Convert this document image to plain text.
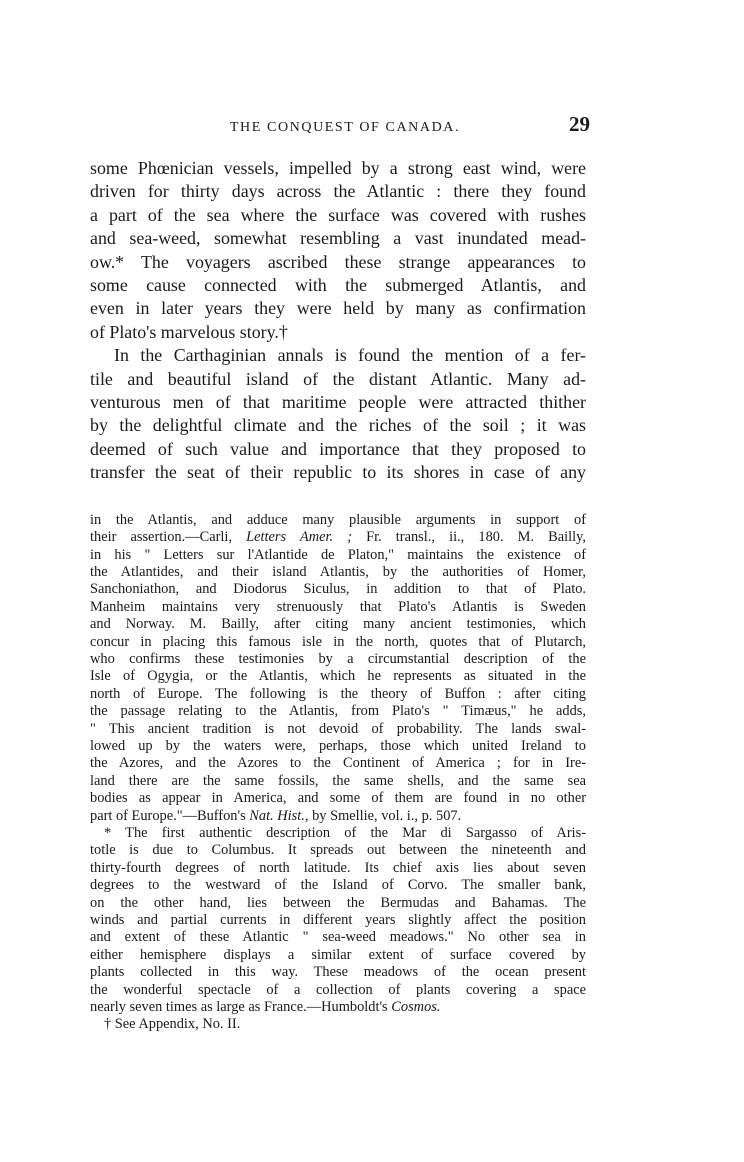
THE CONQUEST OF CANADA.	29
some Phœnician vessels, impelled by a strong east wind, were
driven for thirty days across the Atlantic : there they found
a part of the sea where the surface was covered with rushes
and sea-weed, somewhat resembling a vast inundated mead-
ow.* The voyagers ascribed these strange appearances to
some cause connected with the submerged Atlantis, and
even in later years they were held by many as confirmation
of Plato's marvelous story.†
In the Carthaginian annals is found the mention of a fer-
tile and beautiful island of the distant Atlantic. Many ad-
venturous men of that maritime people were attracted thither
by the delightful climate and the riches of the soil ; it was
deemed of such value and importance that they proposed to
transfer the seat of their republic to its shores in case of any
in the Atlantis, and adduce many plausible arguments in support of
their assertion.—Carli, Letters Amer. ; Fr. transl., ii., 180. M. Bailly,
in his " Letters sur l'Atlantide de Platon," maintains the existence of
the Atlantides, and their island Atlantis, by the authorities of Homer,
Sanchoniathon, and Diodorus Siculus, in addition to that of Plato.
Manheim maintains very strenuously that Plato's Atlantis is Sweden
and Norway. M. Bailly, after citing many ancient testimonies, which
concur in placing this famous isle in the north, quotes that of Plutarch,
who confirms these testimonies by a circumstantial description of the
Isle of Ogygia, or the Atlantis, which he represents as situated in the
north of Europe. The following is the theory of Buffon : after citing
the passage relating to the Atlantis, from Plato's " Timæus," he adds,
" This ancient tradition is not devoid of probability. The lands swal-
lowed up by the waters were, perhaps, those which united Ireland to
the Azores, and the Azores to the Continent of America ; for in Ire-
land there are the same fossils, the same shells, and the same sea
bodies as appear in America, and some of them are found in no other
part of Europe."—Buffon's Nat. Hist., by Smellie, vol. i., p. 507.
* The first authentic description of the Mar di Sargasso of Aris-
totle is due to Columbus. It spreads out between the nineteenth and
thirty-fourth degrees of north latitude. Its chief axis lies about seven
degrees to the westward of the Island of Corvo. The smaller bank,
on the other hand, lies between the Bermudas and Bahamas. The
winds and partial currents in different years slightly affect the position
and extent of these Atlantic " sea-weed meadows." No other sea in
either hemisphere displays a similar extent of surface covered by
plants collected in this way. These meadows of the ocean present
the wonderful spectacle of a collection of plants covering a space
nearly seven times as large as France.—Humboldt's Cosmos.
† See Appendix, No. II.
